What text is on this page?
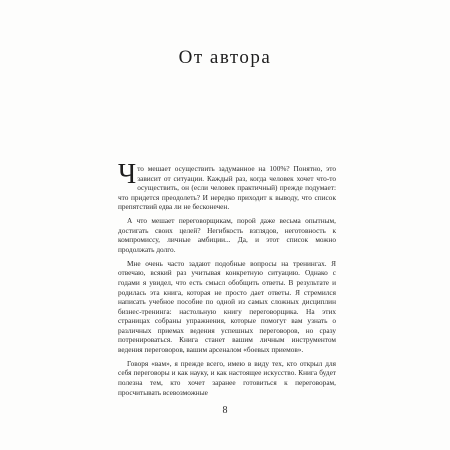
От автора

Что мешает осуществить задуманное на 100%? Понятно, это зависит от ситуации. Каждый раз, когда человек хочет что-то осуществить, он (если человек практичный) прежде подумает: что придется преодолеть? И нередко приходит к выводу, что список препятствий едва ли не бесконечен.

А что мешает переговорщикам, порой даже весьма опытным, достигать своих целей? Негибкость взглядов, неготовность к компромиссу, личные амбиции... Да, и этот список можно продолжать долго.

Мне очень часто задают подобные вопросы на тренингах. Я отвечаю, всякий раз учитывая конкретную ситуацию. Однако с годами я увидел, что есть смысл обобщить ответы. В результате и родилась эта книга, которая не просто дает ответы. Я стремился написать учебное пособие по одной из самых сложных дисциплин бизнес-тренинга: настольную книгу переговорщика. На этих страницах собраны упражнения, которые помогут вам узнать о различных приемах ведения успешных переговоров, но сразу потренироваться. Книга станет вашим личным инструментом ведения переговоров, вашим арсеналом «боевых приемов».

Говоря «вам», я прежде всего, имею в виду тех, кто открыл для себя переговоры и как науку, и как настоящее искусство. Книга будет полезна тем, кто хочет заранее готовиться к переговорам, просчитывать всевозможные

8
